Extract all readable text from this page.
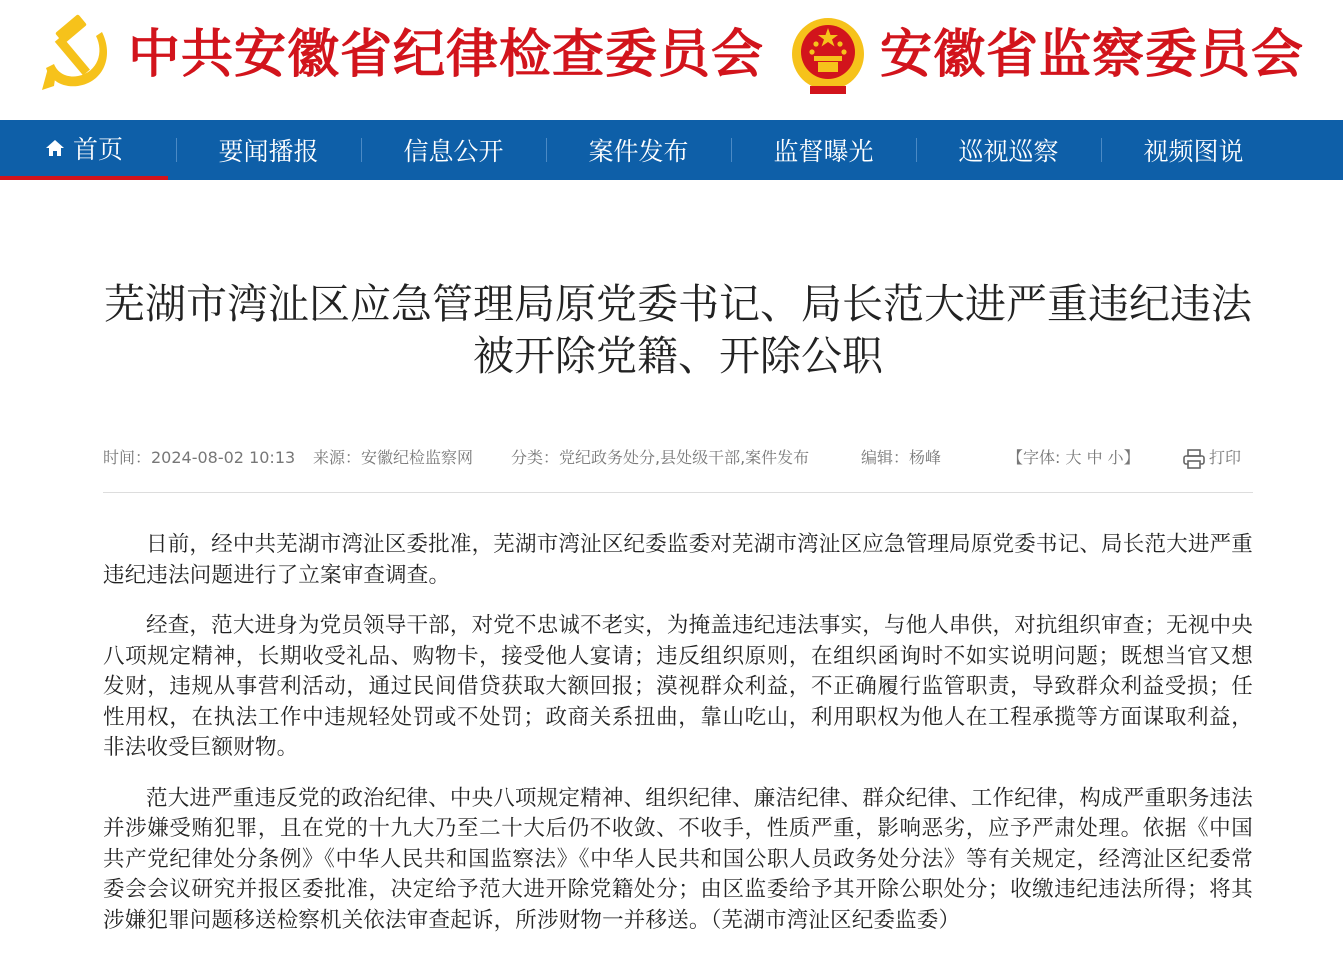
中共安徽省纪律检查委员会 安徽省监察委员会
首页	要闻播报	信息公开	案件发布	监督曝光	巡视巡察	视频图说
芜湖市湾沚区应急管理局原党委书记、局长范大进严重违纪违法被开除党籍、开除公职
时间：2024-08-02 10:13 来源：安徽纪检监察网 分类：党纪政务处分,县处级干部,案件发布	编辑：杨峰	【字体: 大 中 小】	打印

日前，经中共芜湖市湾沚区委批准，芜湖市湾沚区纪委监委对芜湖市湾沚区应急管理局原党委书记、局长范大进严重违纪违法问题进行了立案审查调查。

经查，范大进身为党员领导干部，对党不忠诚不老实，为掩盖违纪违法事实，与他人串供，对抗组织审查；无视中央八项规定精神，长期收受礼品、购物卡，接受他人宴请；违反组织原则，在组织函询时不如实说明问题；既想当官又想发财，违规从事营利活动，通过民间借贷获取大额回报；漠视群众利益，不正确履行监管职责，导致群众利益受损；任性用权，在执法工作中违规轻处罚或不处罚；政商关系扭曲，靠山吃山，利用职权为他人在工程承揽等方面谋取利益，非法收受巨额财物。

范大进严重违反党的政治纪律、中央八项规定精神、组织纪律、廉洁纪律、群众纪律、工作纪律，构成严重职务违法并涉嫌受贿犯罪，且在党的十九大乃至二十大后仍不收敛、不收手，性质严重，影响恶劣，应予严肃处理。依据《中国共产党纪律处分条例》《中华人民共和国监察法》《中华人民共和国公职人员政务处分法》等有关规定，经湾沚区纪委常委会会议研究并报区委批准，决定给予范大进开除党籍处分；由区监委给予其开除公职处分；收缴违纪违法所得；将其涉嫌犯罪问题移送检察机关依法审查起诉，所涉财物一并移送。（芜湖市湾沚区纪委监委）
